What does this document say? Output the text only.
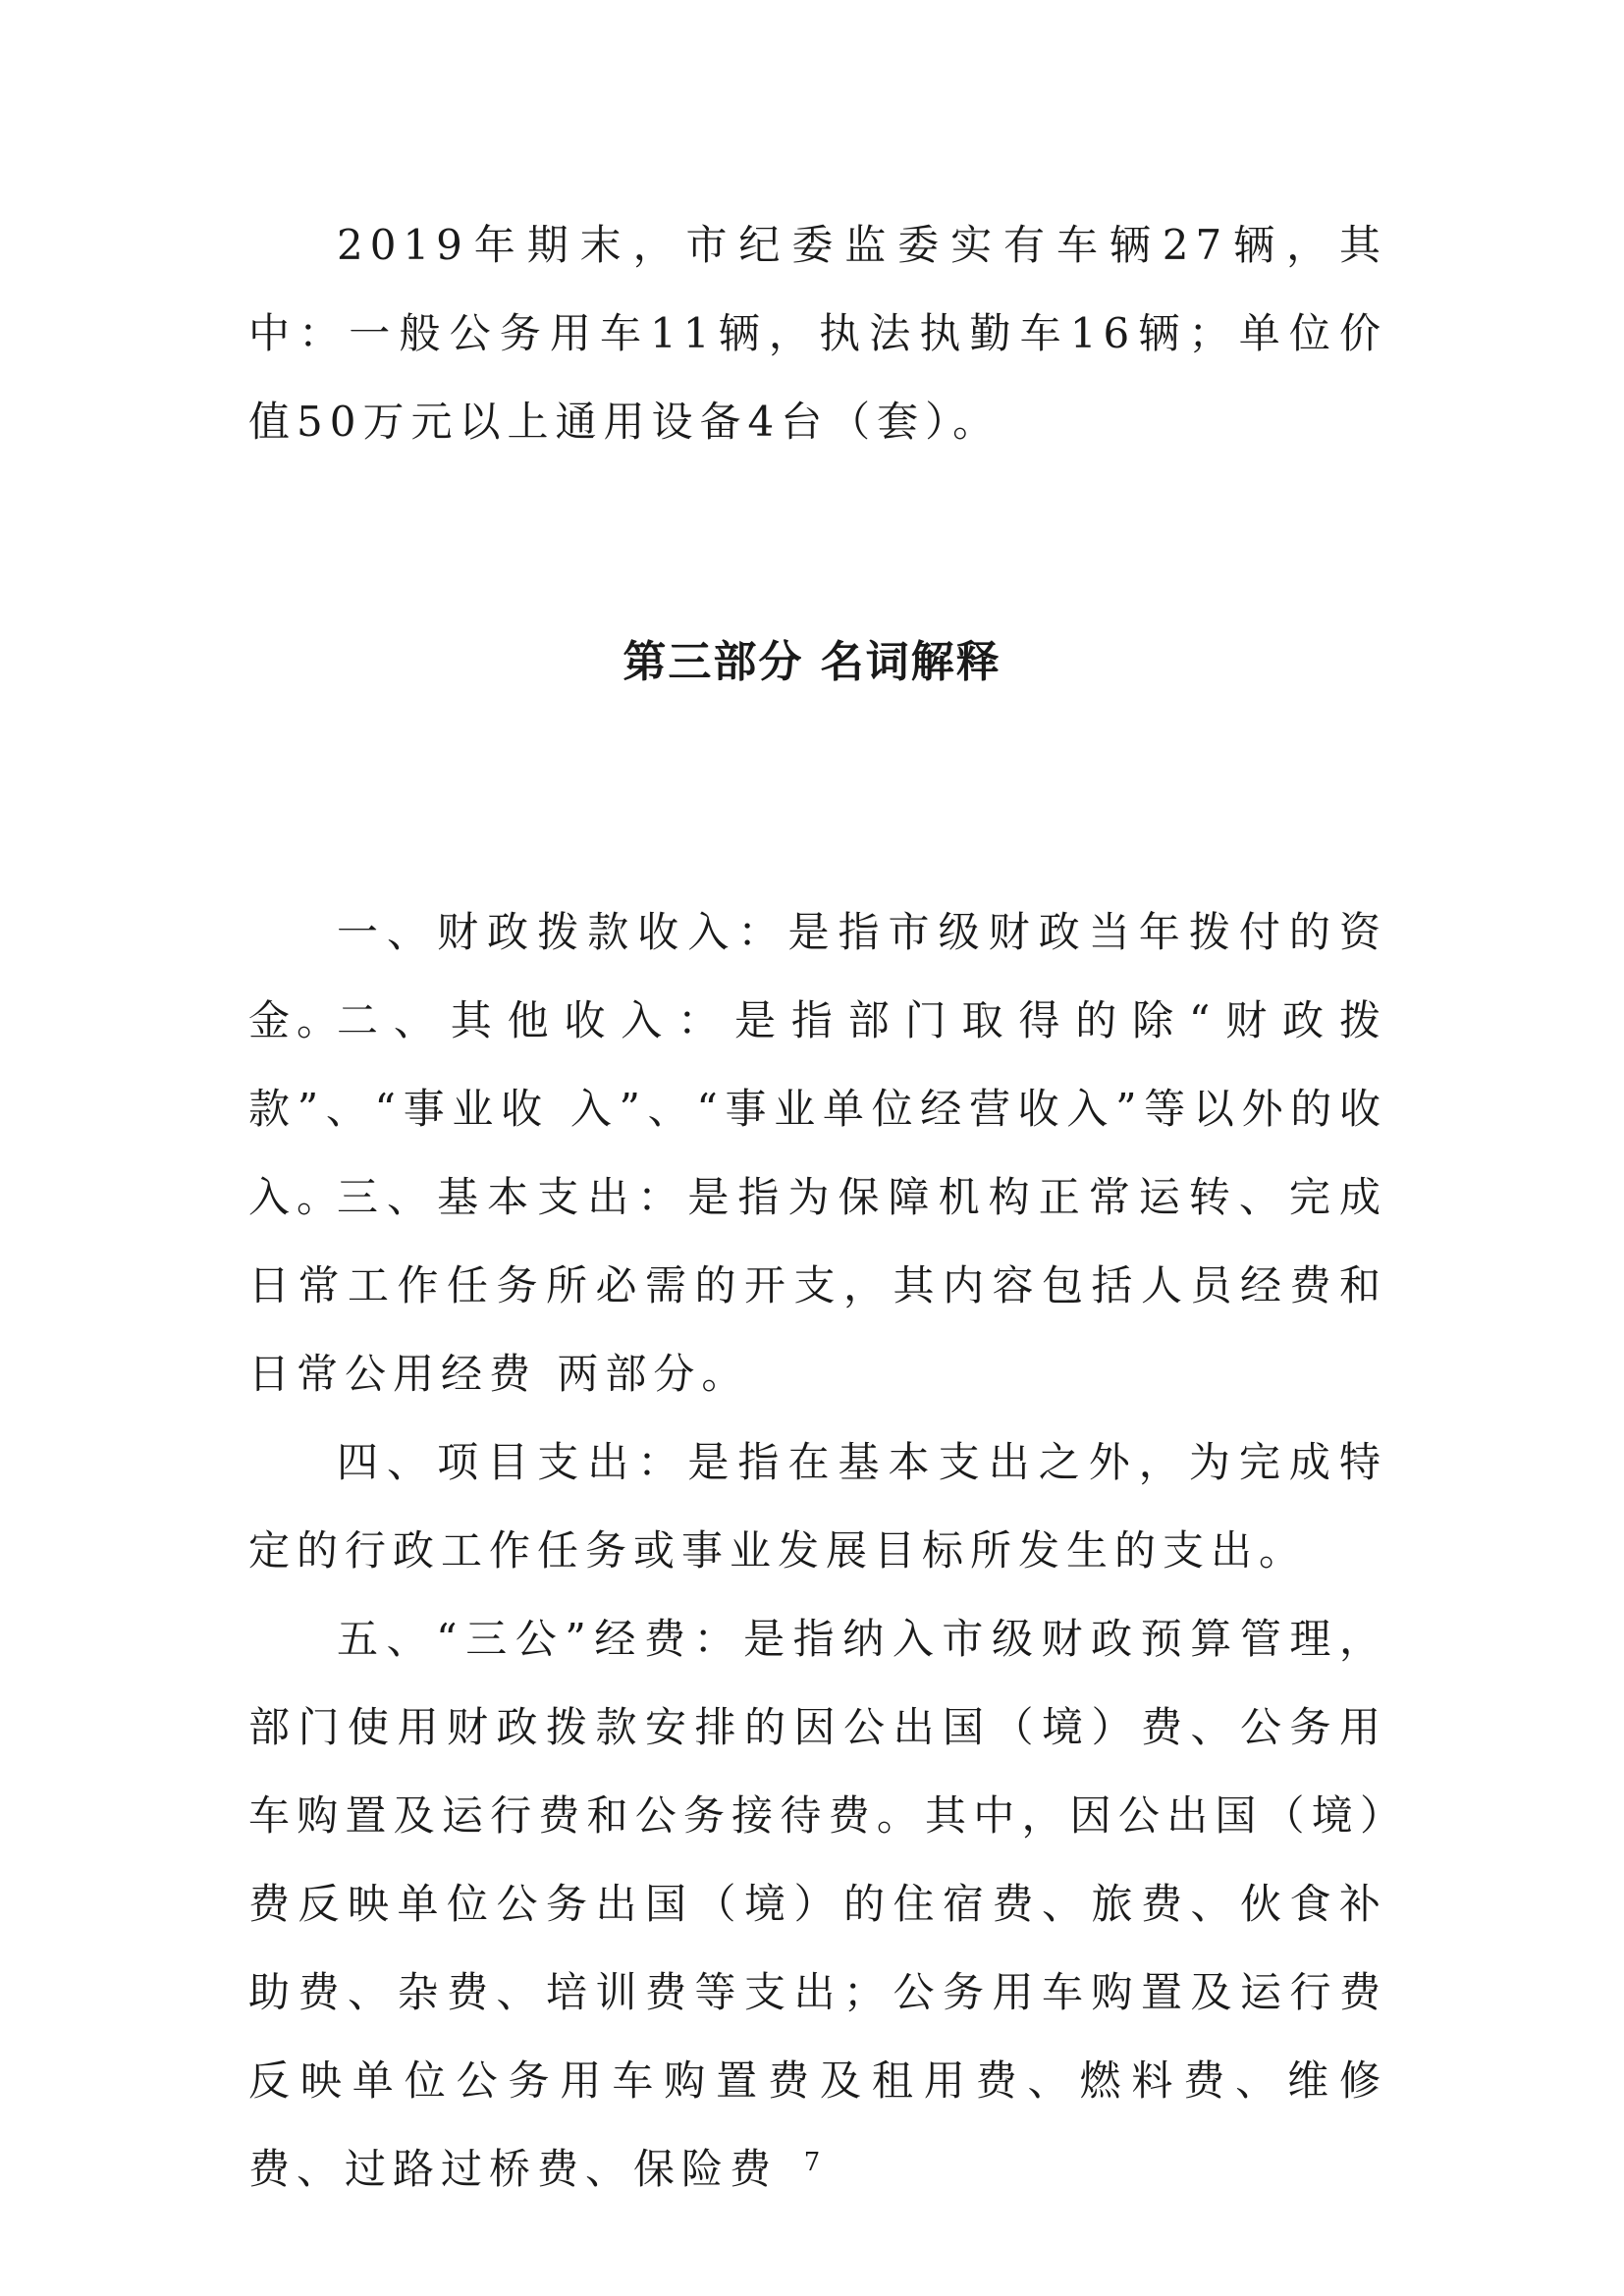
2019年期末，市纪委监委实有车辆27辆，其中：一般公务用车11辆，执法执勤车16辆；单位价值50万元以上通用设备4台（套）。

第三部分 名词解释

一、财政拨款收入：是指市级财政当年拨付的资金。

二、其他收入：是指部门取得的除“财政拨款”、“事业收 入”、“事业单位经营收入”等以外的收入。

三、基本支出：是指为保障机构正常运转、完成日常工作任务所必需的开支，其内容包括人员经费和日常公用经费 两部分。

四、项目支出：是指在基本支出之外，为完成特定的行政工作任务或事业发展目标所发生的支出。

五、“三公”经费：是指纳入市级财政预算管理，部门使用财政拨款安排的因公出国（境）费、公务用车购置及运行费和公务接待费。其中，因公出国（境）费反映单位公务出国（境）的住宿费、旅费、伙食补助费、杂费、培训费等支出；公务用车购置及运行费反映单位公务用车购置费及租用费、燃料费、维修费、过路过桥费、保险费	7
